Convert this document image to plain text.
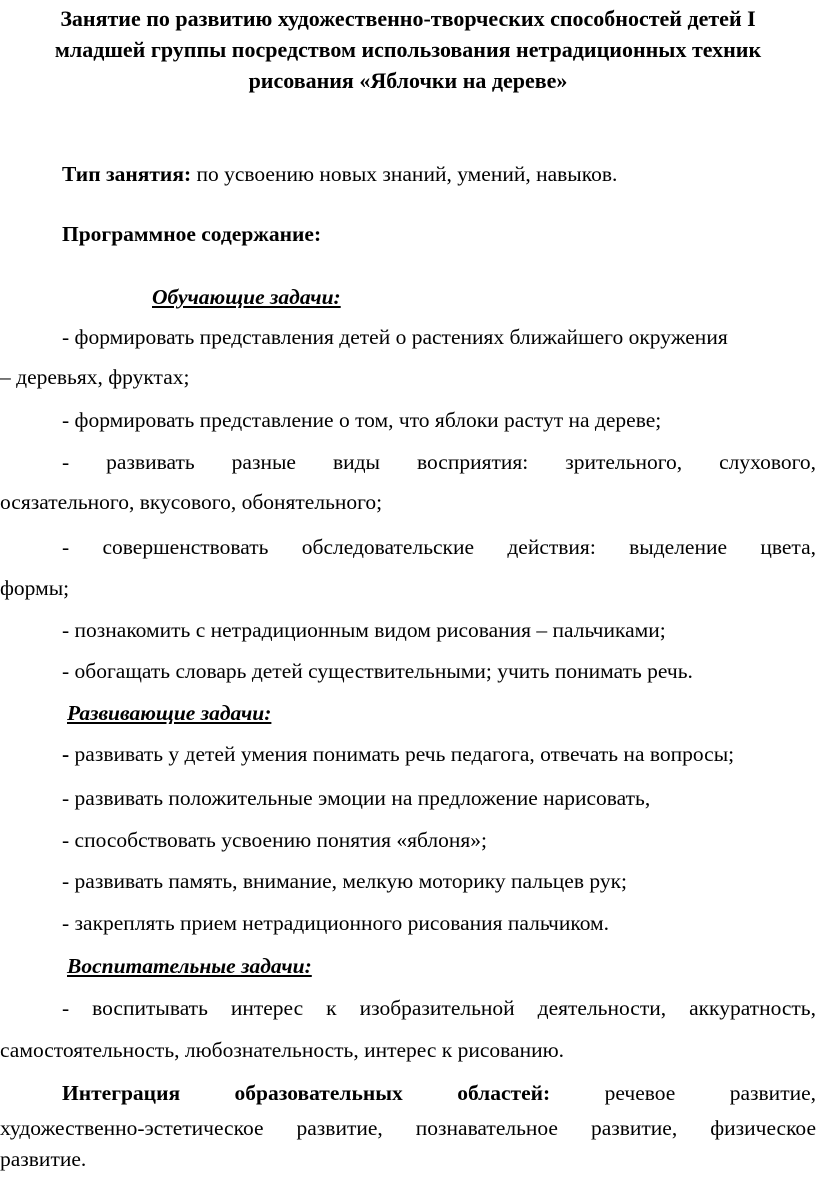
Занятие по развитию художественно-творческих способностей детей I
младшей группы посредством использования нетрадиционных техник
рисования «Яблочки на дереве»

Тип занятия: по усвоению новых знаний, умений, навыков.

Программное содержание:

Обучающие задачи:

- формировать представления детей о растениях ближайшего окружения

– деревьях, фруктах;

- формировать представление о том, что яблоки растут на дереве;

- развивать разные виды восприятия: зрительного, слухового,

осязательного, вкусового, обонятельного;

- совершенствовать обследовательские действия: выделение цвета,

формы;

- познакомить с нетрадиционным видом рисования – пальчиками;

- обогащать словарь детей существительными; учить понимать речь.

Развивающие задачи:

- развивать у детей умения понимать речь педагога, отвечать на вопросы;

- развивать положительные эмоции на предложение нарисовать,

- способствовать усвоению понятия «яблоня»;

- развивать память, внимание, мелкую моторику пальцев рук;

- закреплять прием нетрадиционного рисования пальчиком.

Воспитательные задачи:

- воспитывать интерес к изобразительной деятельности, аккуратность,

самостоятельность, любознательность, интерес к рисованию.

Интеграция образовательных областей:	речевое развитие,

художественно-эстетическое развитие, познавательное развитие, физическое

развитие.
